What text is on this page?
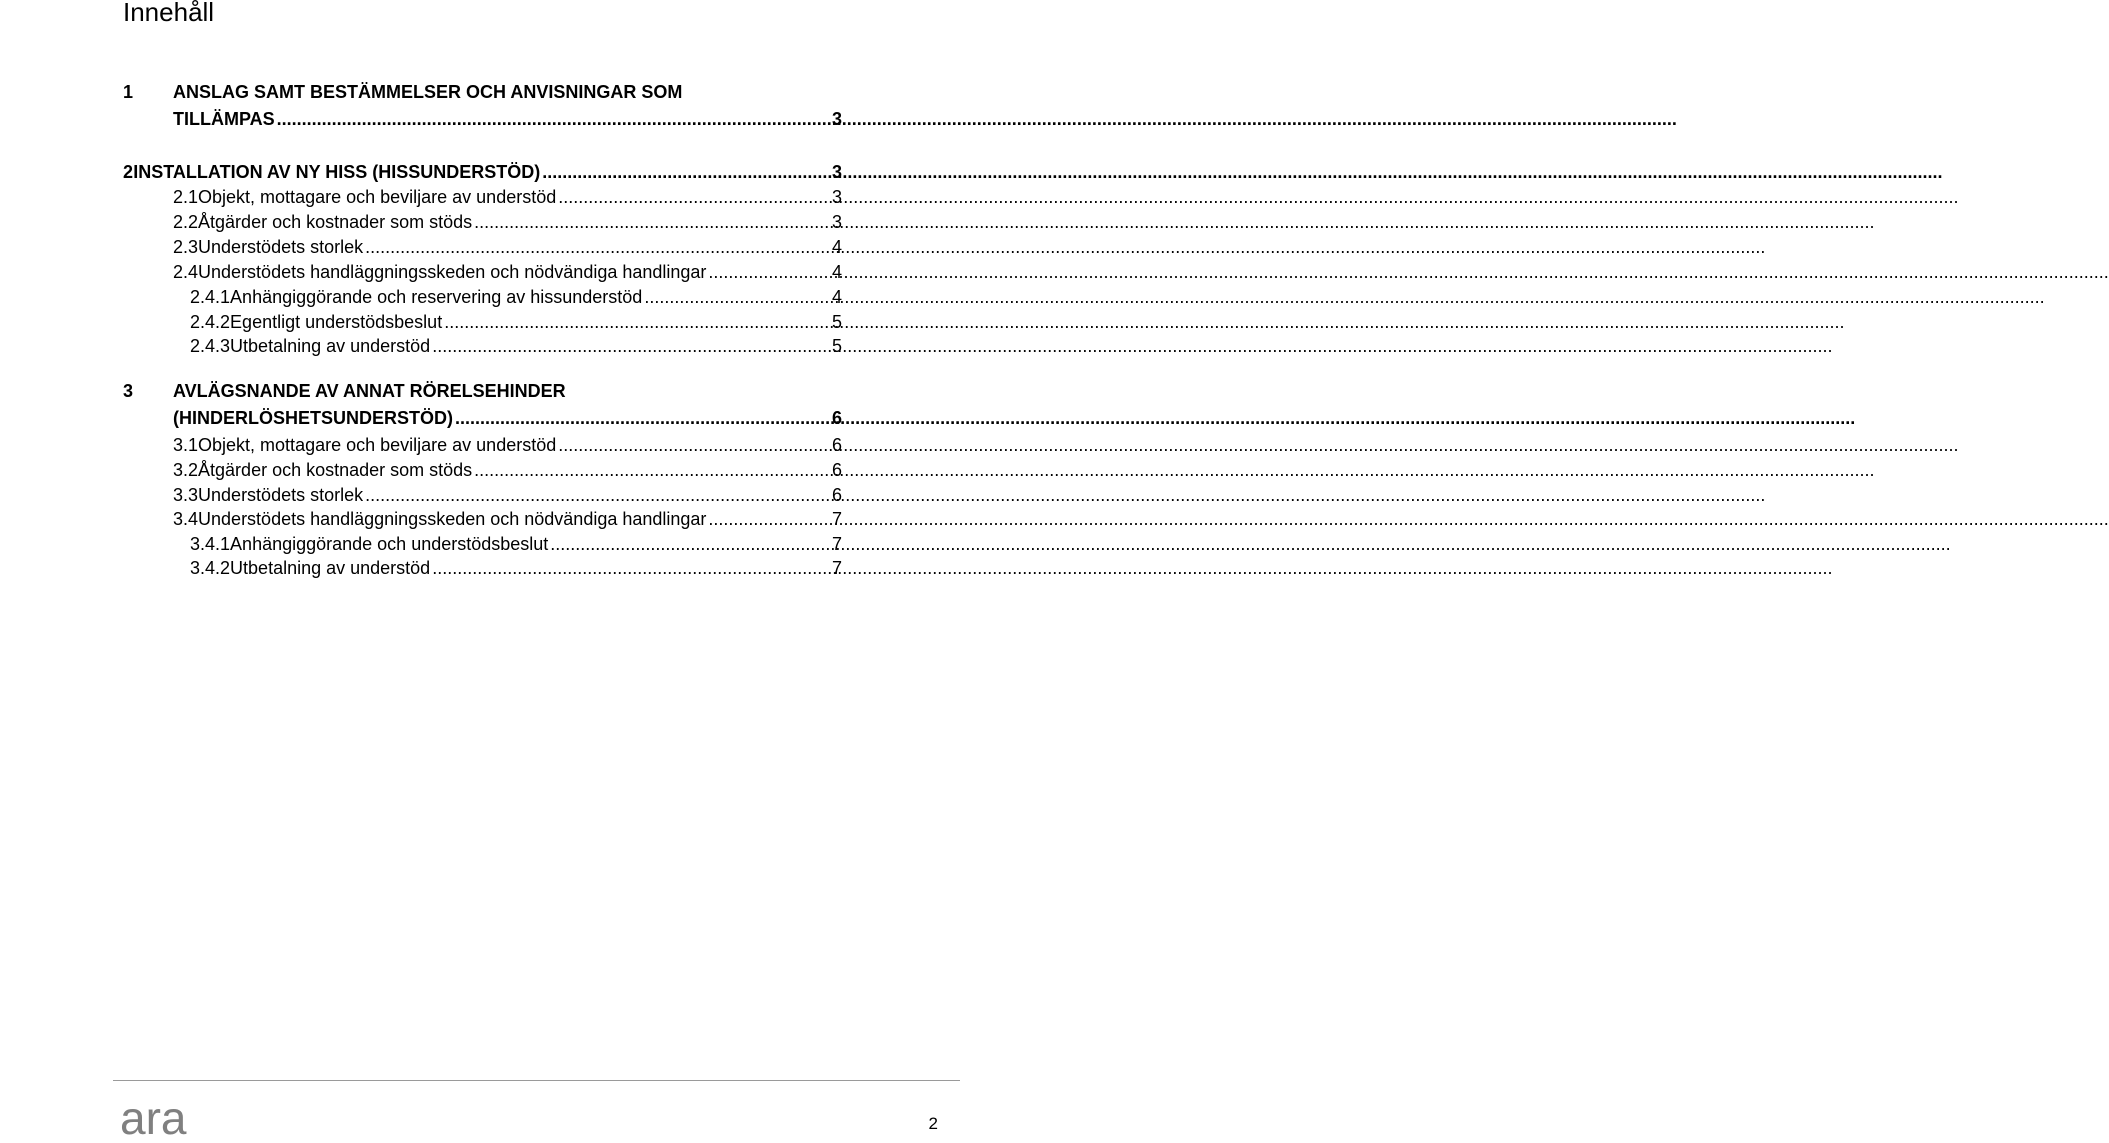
Innehåll
1	ANSLAG SAMT BESTÄMMELSER OCH ANVISNINGAR SOM
TILLÄMPAS .....	3
2 INSTALLATION AV NY HISS (HISSUNDERSTÖD) .....	3
2.1 Objekt, mottagare och beviljare av understöd .....	3
2.2 Åtgärder och kostnader som stöds .....	3
2.3 Understödets storlek .....	4
2.4 Understödets handläggningsskeden och nödvändiga handlingar .....	4
2.4.1 Anhängiggörande och reservering av hissunderstöd .....	4
2.4.2 Egentligt understödsbeslut .....	5
2.4.3 Utbetalning av understöd .....	5
3	AVLÄGSNANDE AV ANNAT RÖRELSEHINDER
(HINDERLÖSHETSUNDERSTÖD) .....	6
3.1 Objekt, mottagare och beviljare av understöd .....	6
3.2 Åtgärder och kostnader som stöds .....	6
3.3 Understödets storlek .....	6
3.4 Understödets handläggningsskeden och nödvändiga handlingar .....	7
3.4.1 Anhängiggörande och understödsbeslut .....	7
3.4.2 Utbetalning av understöd .....	7
ara	2
